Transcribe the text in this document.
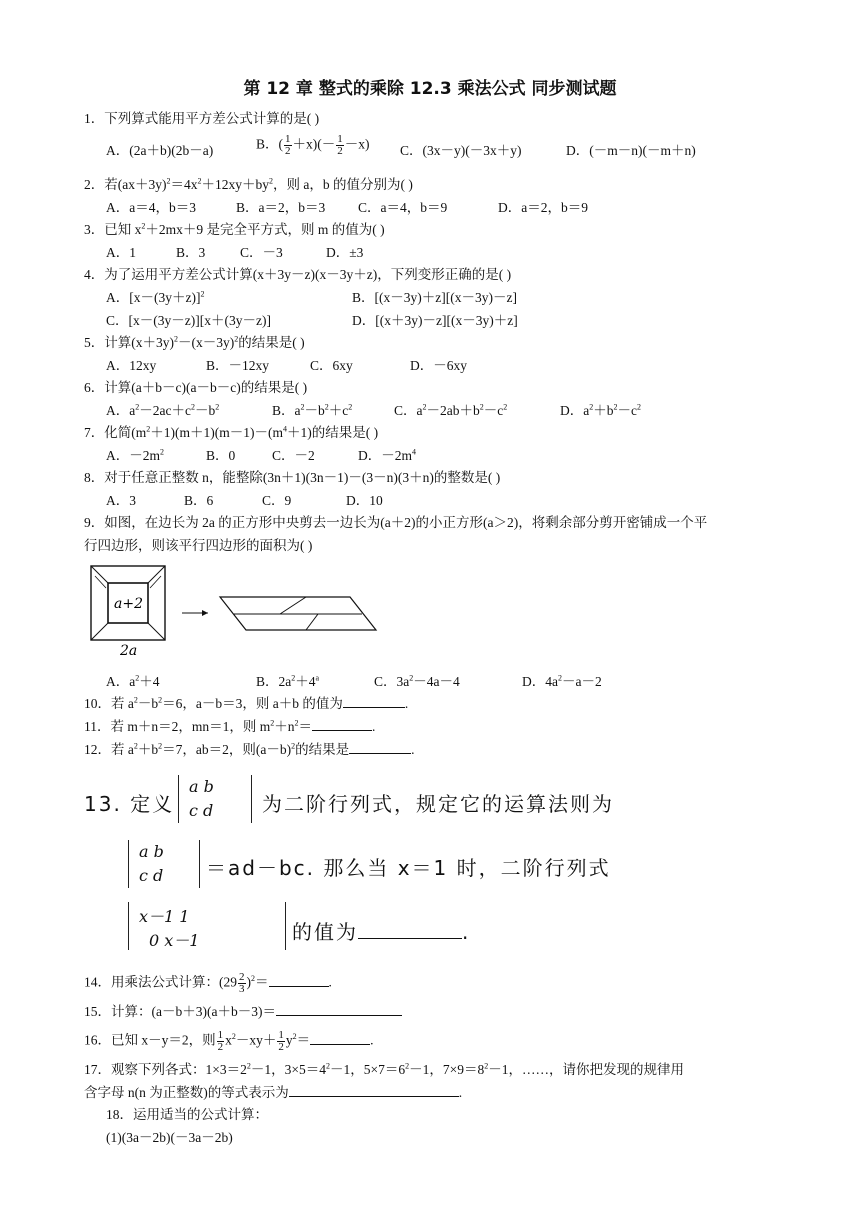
第 12 章 整式的乘除 12.3 乘法公式 同步测试题
1．下列算式能用平方差公式计算的是( )
A．(2a＋b)(2b－a)	B．( $\frac{1}{2} +x)(- \frac{1}{2} -x)$ C．(3x－y)(－3x＋y)	D．(－m－n)(－m＋n)
2．若$(ax+3y)^2=4x^2+12xy+by^2$，则 a，b 的值分别为( )
A．a＝4，b＝3	B．a＝2，b＝3 C．a＝4，b＝9	D．a＝2，b＝9
3．已知 $x^2+2mx+9$ 是完全平方式，则 m 的值为( )
A．1	B．3	C．－3	D．±3
4．为了运用平方差公式计算(x＋3y－z)(x－3y＋z)，下列变形正确的是( )
A．$[x-(3y+z)]^2$	B．[(x－3y)＋z][(x－3y)－z]
C．[x－(3y－z)][x＋(3y－z)]	D．[(x＋3y)－z][(x－3y)＋z]
5．计算$(x+3y)^2-(x-3y)^2$的结果是( )
A．12xy	B．－12xy	C．6xy	D．－6xy
6．计算(a＋b－c)(a－b－c)的结果是( )
A．$a^2-2ac+c^2-b^2$	B．$a^2-b^2+c^2$	C．$a^2-2ab+b^2-c^2$	D．$a^2+b^2-c^2$
7．化简$(m^2+1)(m+1)(m-1)-(m^4+1)$的结果是( )
A．$-2m^2$	B．0	C．－2	D．$-2m^4$
8．对于任意正整数 n，能整除(3n＋1)(3n－1)－(3－n)(3＋n)的整数是( )
A．3	B．6	C．9	D．10
9．如图，在边长为 2a 的正方形中央剪去一边长为(a＋2)的小正方形(a＞2)，将剩余部分剪开密铺成一个平
行四边形，则该平行四边形的面积为( )
a+2
2a
A．$a^2+4$	B．$2a^2+4^a$	C．$3a^2-4a-4$	D．$4a^2-a-2$
10．若 $a^2-b^2=6$，a－b＝3，则 a＋b 的值为	.
11．若 m＋n＝2，mn＝1，则 $m^2+n^2=$	.
12．若 $a^2+b^2=7$，ab＝2，则$(a-b)^2$的结果是	.
13. 定义
a b
c d 为二阶行列式，规定它的运算法则为
a b
c d ＝ad－bc. 那么当 x＝1 时，二阶行列式
x－1 1
0 x－1	的值为	.
14．用乘法公式计算：$(29 \frac{2}{3} )^2=$	.
15．计算：(a－b＋3)(a＋b－3)＝
16．已知 x－y＝2，则 $\frac{1}{2} x^2-xy+ \frac{1}{2} y^2=$	.
17．观察下列各式：$1\times 3=2^2-1$，$3\times 5=4^2-1$，$5\times 7=6^2-1$，$7\times 9=8^2-1$，……，请你把发现的规律用
含字母 n(n 为正整数)的等式表示为	.
18．运用适当的公式计算：
(1)(3a－2b)(－3a－2b)
